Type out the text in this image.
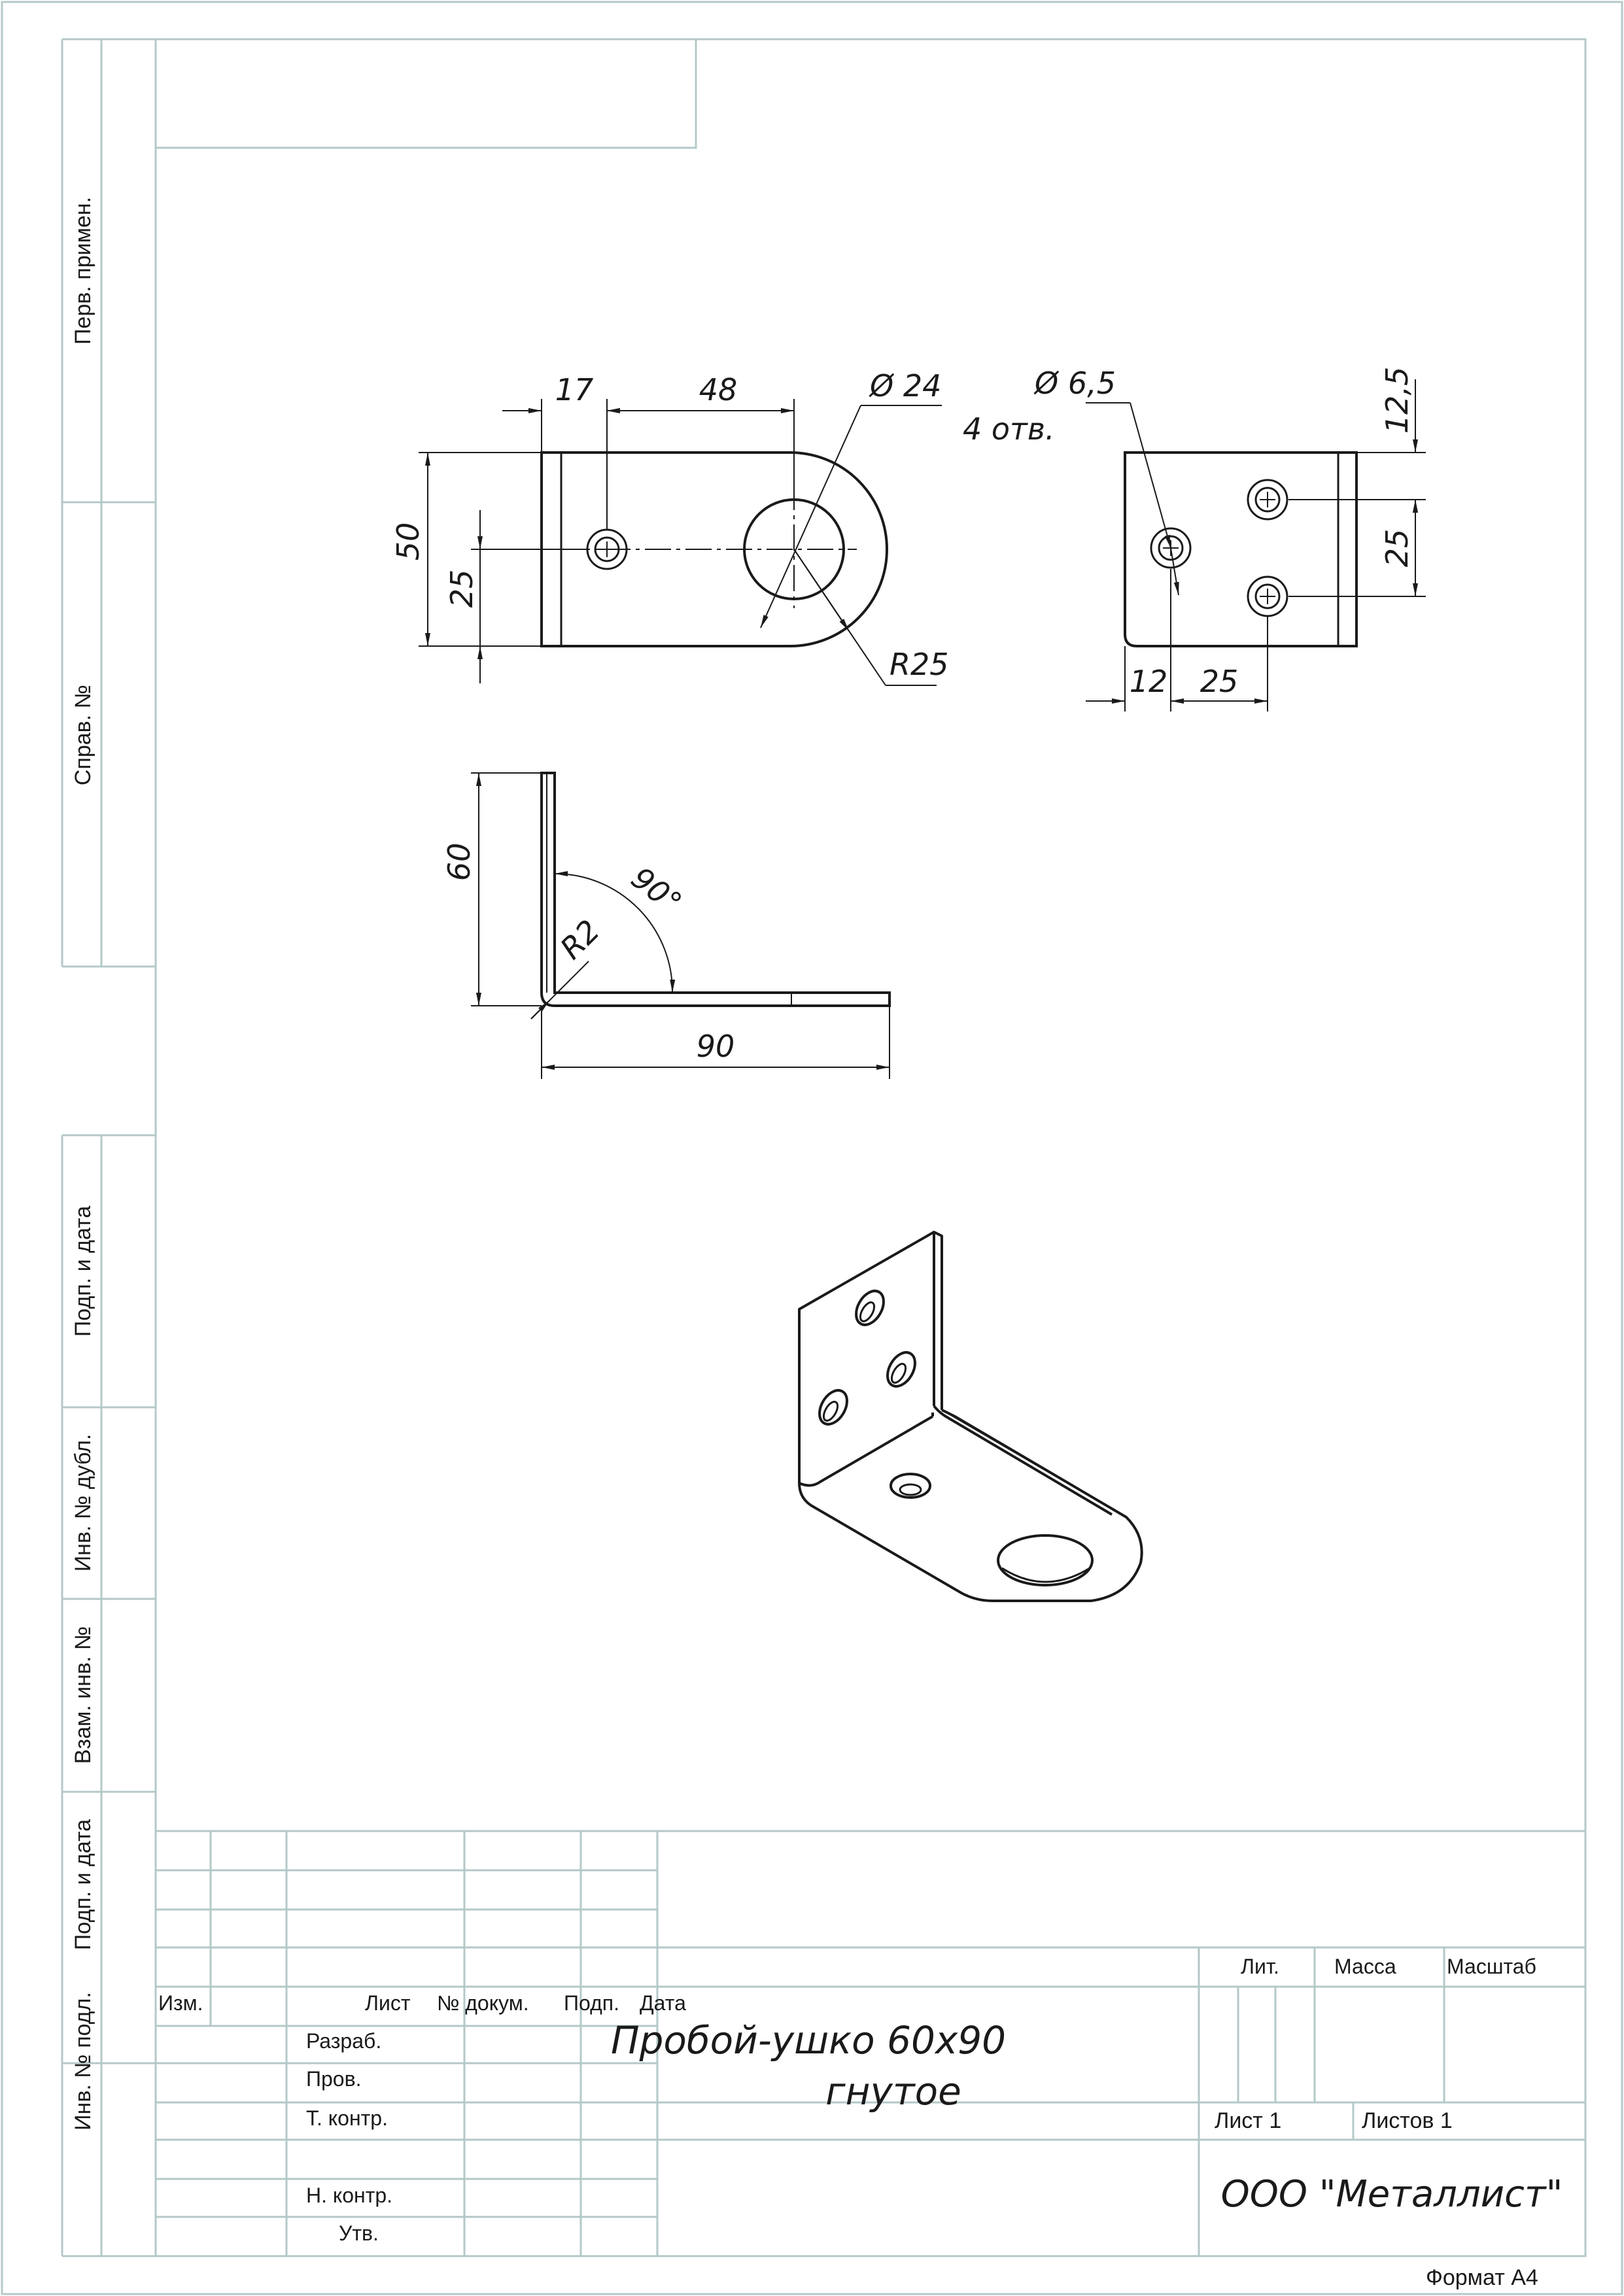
Перв. примен.
Справ. №
Подп. и дата
Инв. № дубл.
Взам. инв. №
Подп. и дата
Инв. № подл.	Изм.	Лист № докум. Подп. Дата
Разраб.
Пров.
Т. контр.
Н. контр.
Утв.
Лит.	Масса Масштаб
Лист 1	Листов 1
Формат А4
Пробой-ушко 60х90
гнутое
ООО "Металлист"
17	48	Ø 24
4 отв.
50
25
R25
Ø 6,5	12,5
25
12 25
60	90°
R2
90
